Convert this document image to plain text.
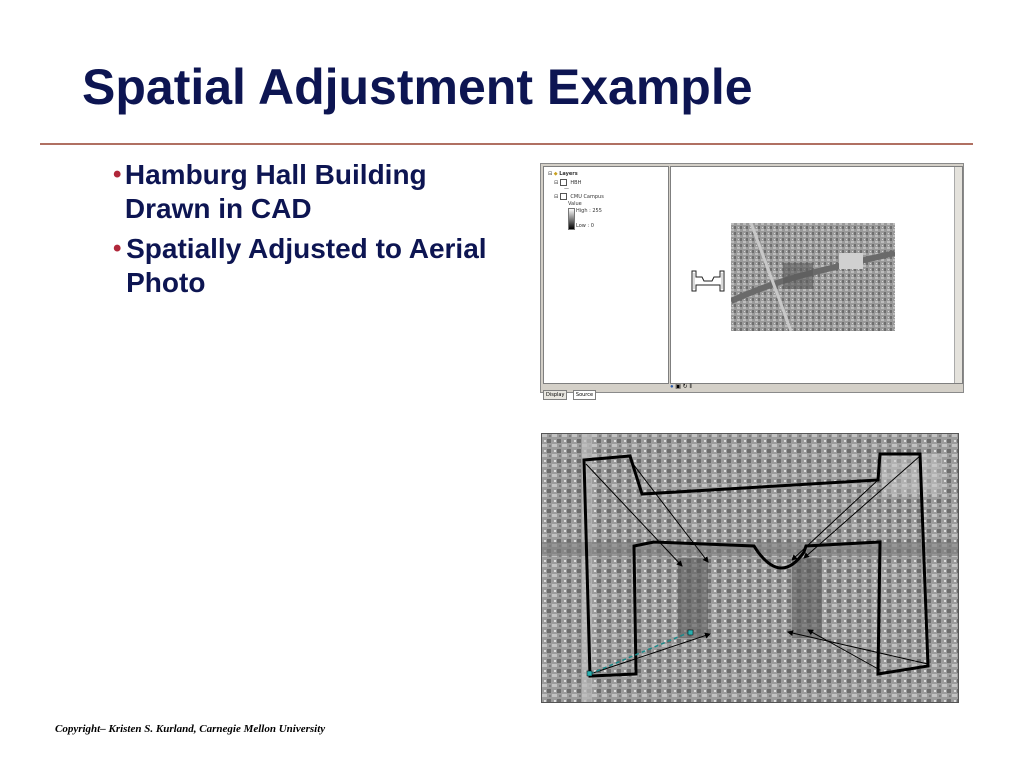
Spatial Adjustment Example
• Hamburg Hall Building Drawn in CAD
• Spatially Adjusted to Aerial Photo
⊟ ◆ Layers
⊟ HBH
—
⊟ CMU Campus
Value
High : 255
Low : 0
Display Source
● ▣ ↻ ‖
Copyright– Kristen S. Kurland, Carnegie Mellon University
